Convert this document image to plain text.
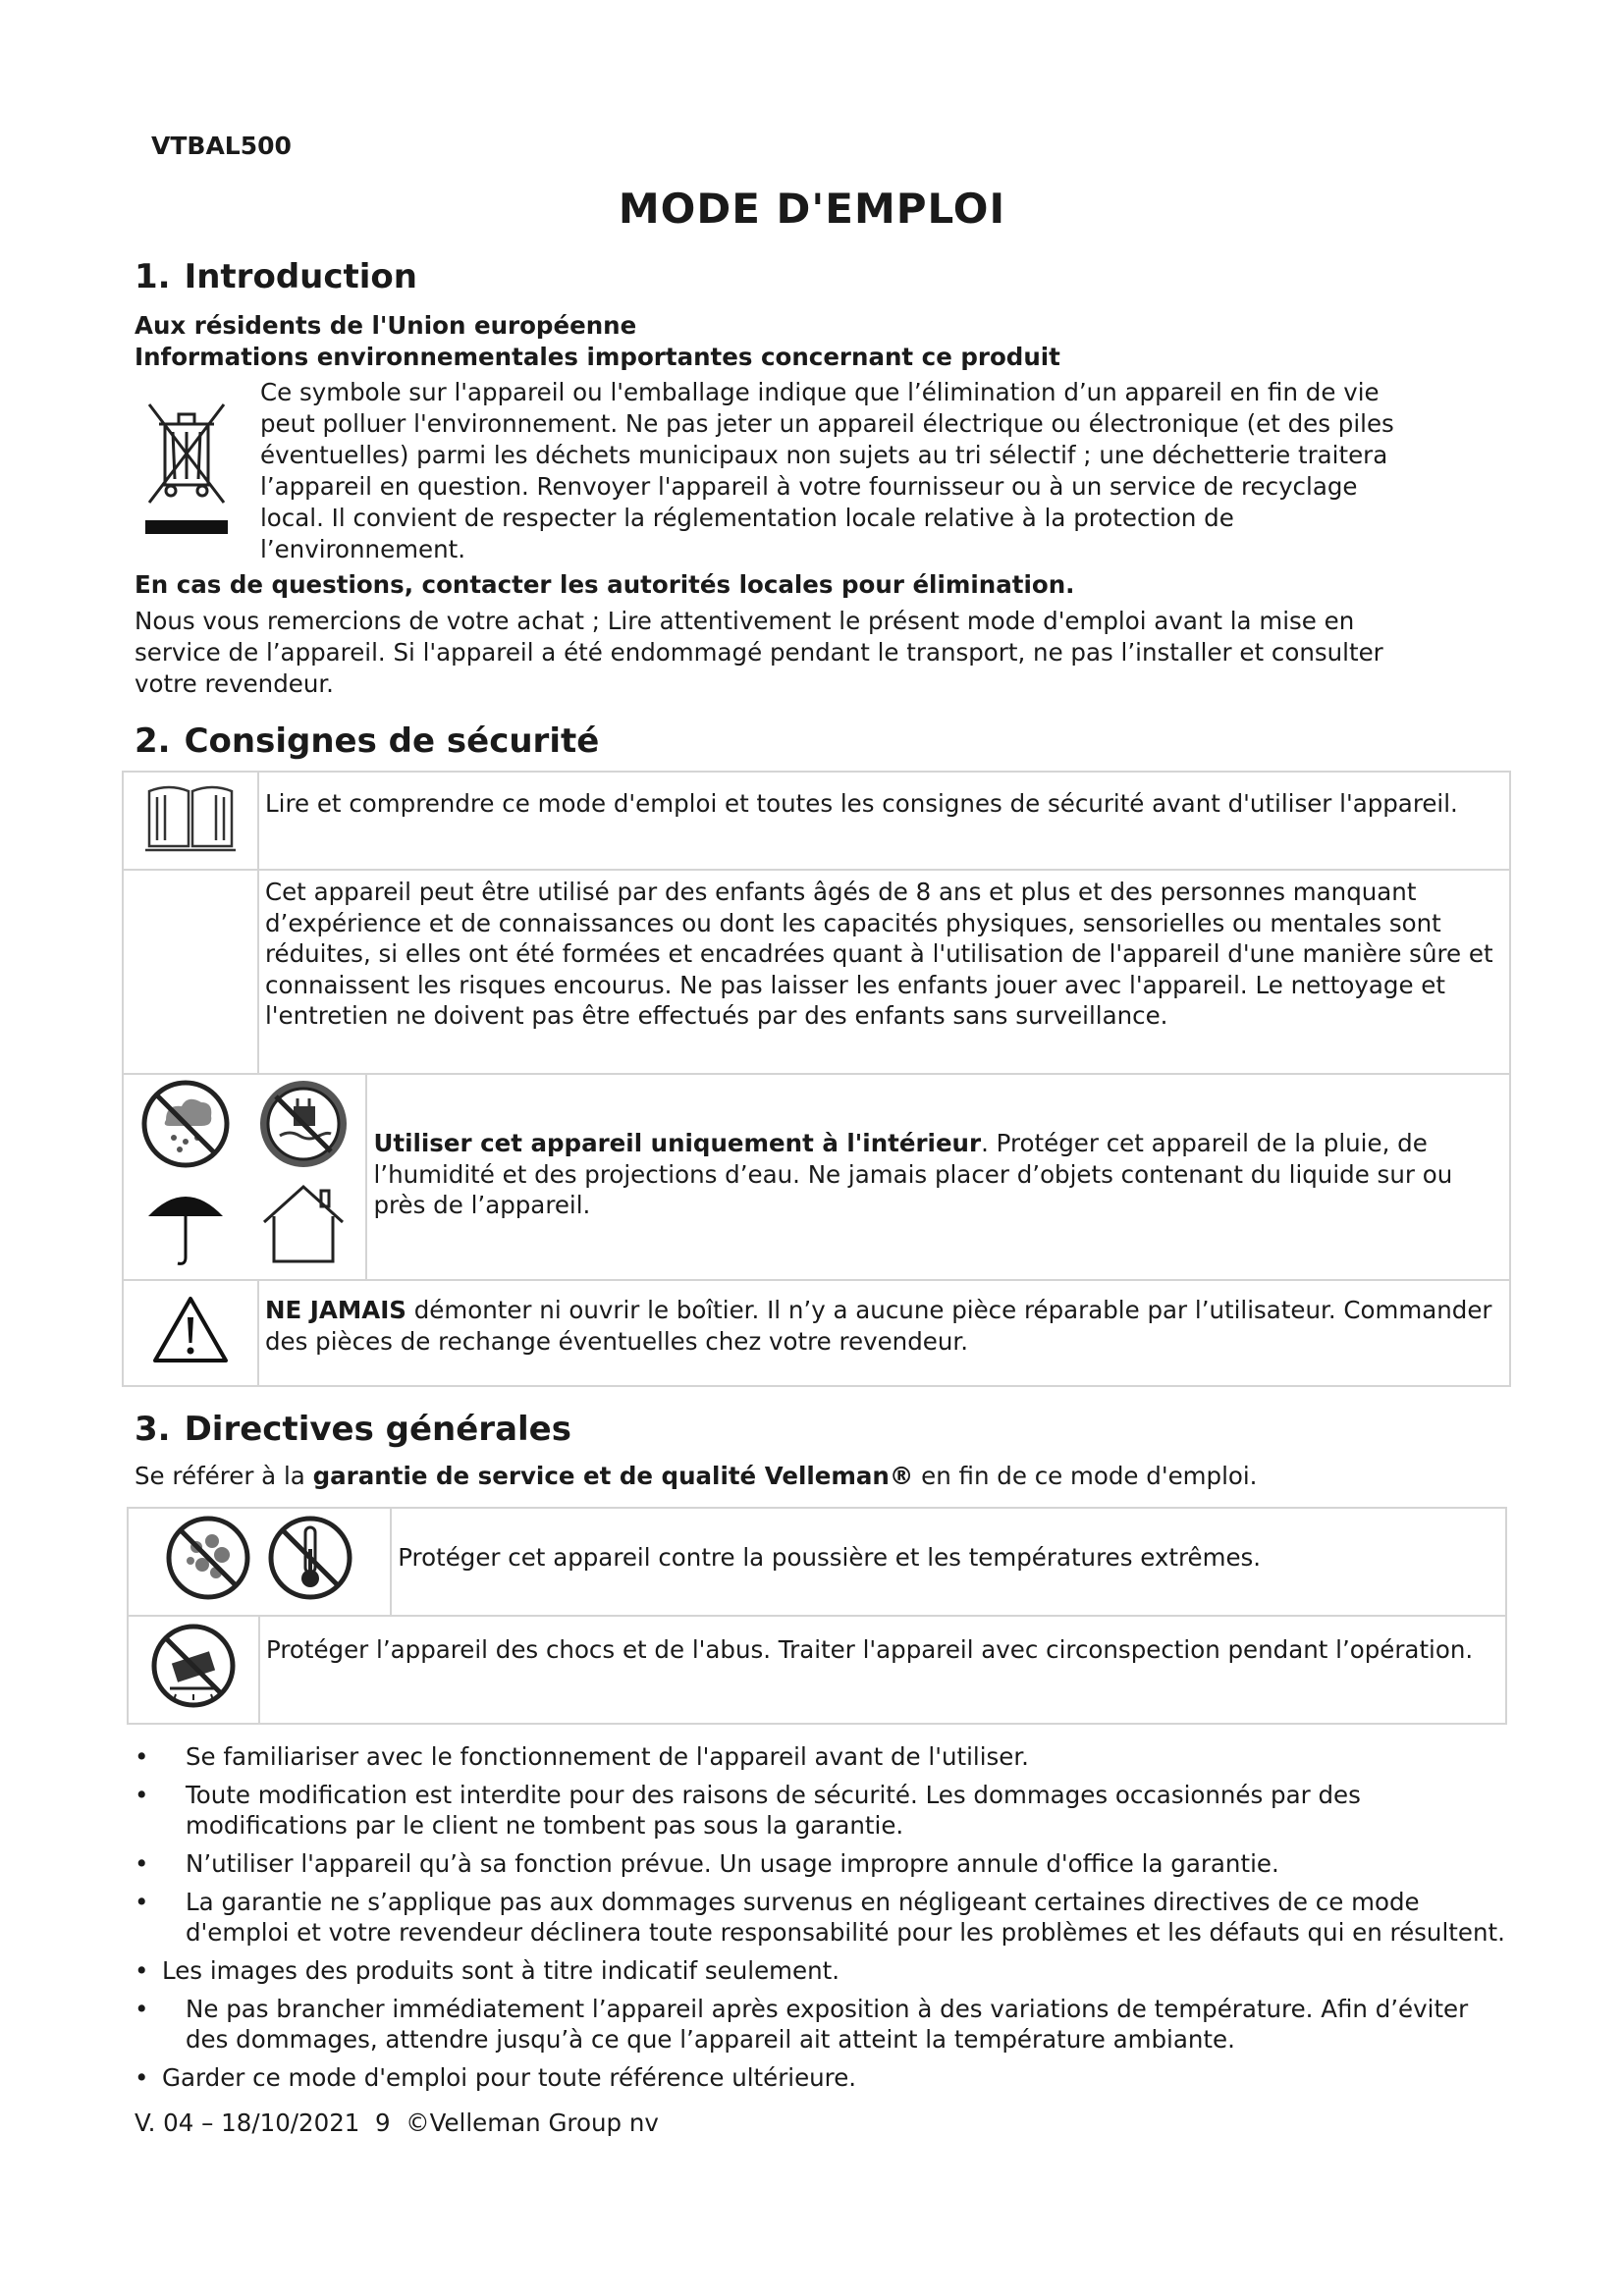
VTBAL500
MODE D'EMPLOI
1. Introduction
Aux résidents de l'Union européenne
Informations environnementales importantes concernant ce produit
Ce symbole sur l'appareil ou l'emballage indique que l’élimination d’un appareil en fin de vie
peut polluer l'environnement. Ne pas jeter un appareil électrique ou électronique (et des piles
éventuelles) parmi les déchets municipaux non sujets au tri sélectif ; une déchetterie traitera
l’appareil en question. Renvoyer l'appareil à votre fournisseur ou à un service de recyclage
local. Il convient de respecter la réglementation locale relative à la protection de
l’environnement.
En cas de questions, contacter les autorités locales pour élimination.
Nous vous remercions de votre achat ; Lire attentivement le présent mode d'emploi avant la mise en
service de l’appareil. Si l'appareil a été endommagé pendant le transport, ne pas l’installer et consulter
votre revendeur.
2. Consignes de sécurité
	Lire et comprendre ce mode d'emploi et toutes les consignes de sécurité avant d'utiliser l'appareil.	
	Cet appareil peut être utilisé par des enfants âgés de 8 ans et plus et des personnes manquant d’expérience et de connaissances ou dont les capacités physiques, sensorielles ou mentales sont réduites, si elles ont été formées et encadrées quant à l'utilisation de l'appareil d'une manière sûre et connaissent les risques encourus. Ne pas laisser les enfants jouer avec l'appareil. Le nettoyage et l'entretien ne doivent pas être effectués par des enfants sans surveillance.	

	Utiliser cet appareil uniquement à l'intérieur. Protéger cet appareil de la pluie, de l’humidité et des projections d’eau. Ne jamais placer d’objets contenant du liquide sur ou près de l’appareil.
	NE JAMAIS démonter ni ouvrir le boîtier. Il n’y a aucune pièce réparable par l’utilisateur. Commander des pièces de rechange éventuelles chez votre revendeur.	
3. Directives générales
Se référer à la garantie de service et de qualité Velleman® en fin de ce mode d'emploi.
	Protéger cet appareil contre la poussière et les températures extrêmes.
	Protéger l’appareil des chocs et de l'abus. Traiter l'appareil avec circonspection pendant l’opération.	
• Se familiariser avec le fonctionnement de l'appareil avant de l'utiliser.
• Toute modification est interdite pour des raisons de sécurité. Les dommages occasionnés par des modifications par le client ne tombent pas sous la garantie.
• N’utiliser l'appareil qu’à sa fonction prévue. Un usage impropre annule d'office la garantie.
• La garantie ne s’applique pas aux dommages survenus en négligeant certaines directives de ce mode d'emploi et votre revendeur déclinera toute responsabilité pour les problèmes et les défauts qui en résultent.
• Les images des produits sont à titre indicatif seulement.
• Ne pas brancher immédiatement l’appareil après exposition à des variations de température. Afin d’éviter des dommages, attendre jusqu’à ce que l’appareil ait atteint la température ambiante.
• Garder ce mode d'emploi pour toute référence ultérieure.
V. 04 – 18/10/2021  9  ©Velleman Group nv
